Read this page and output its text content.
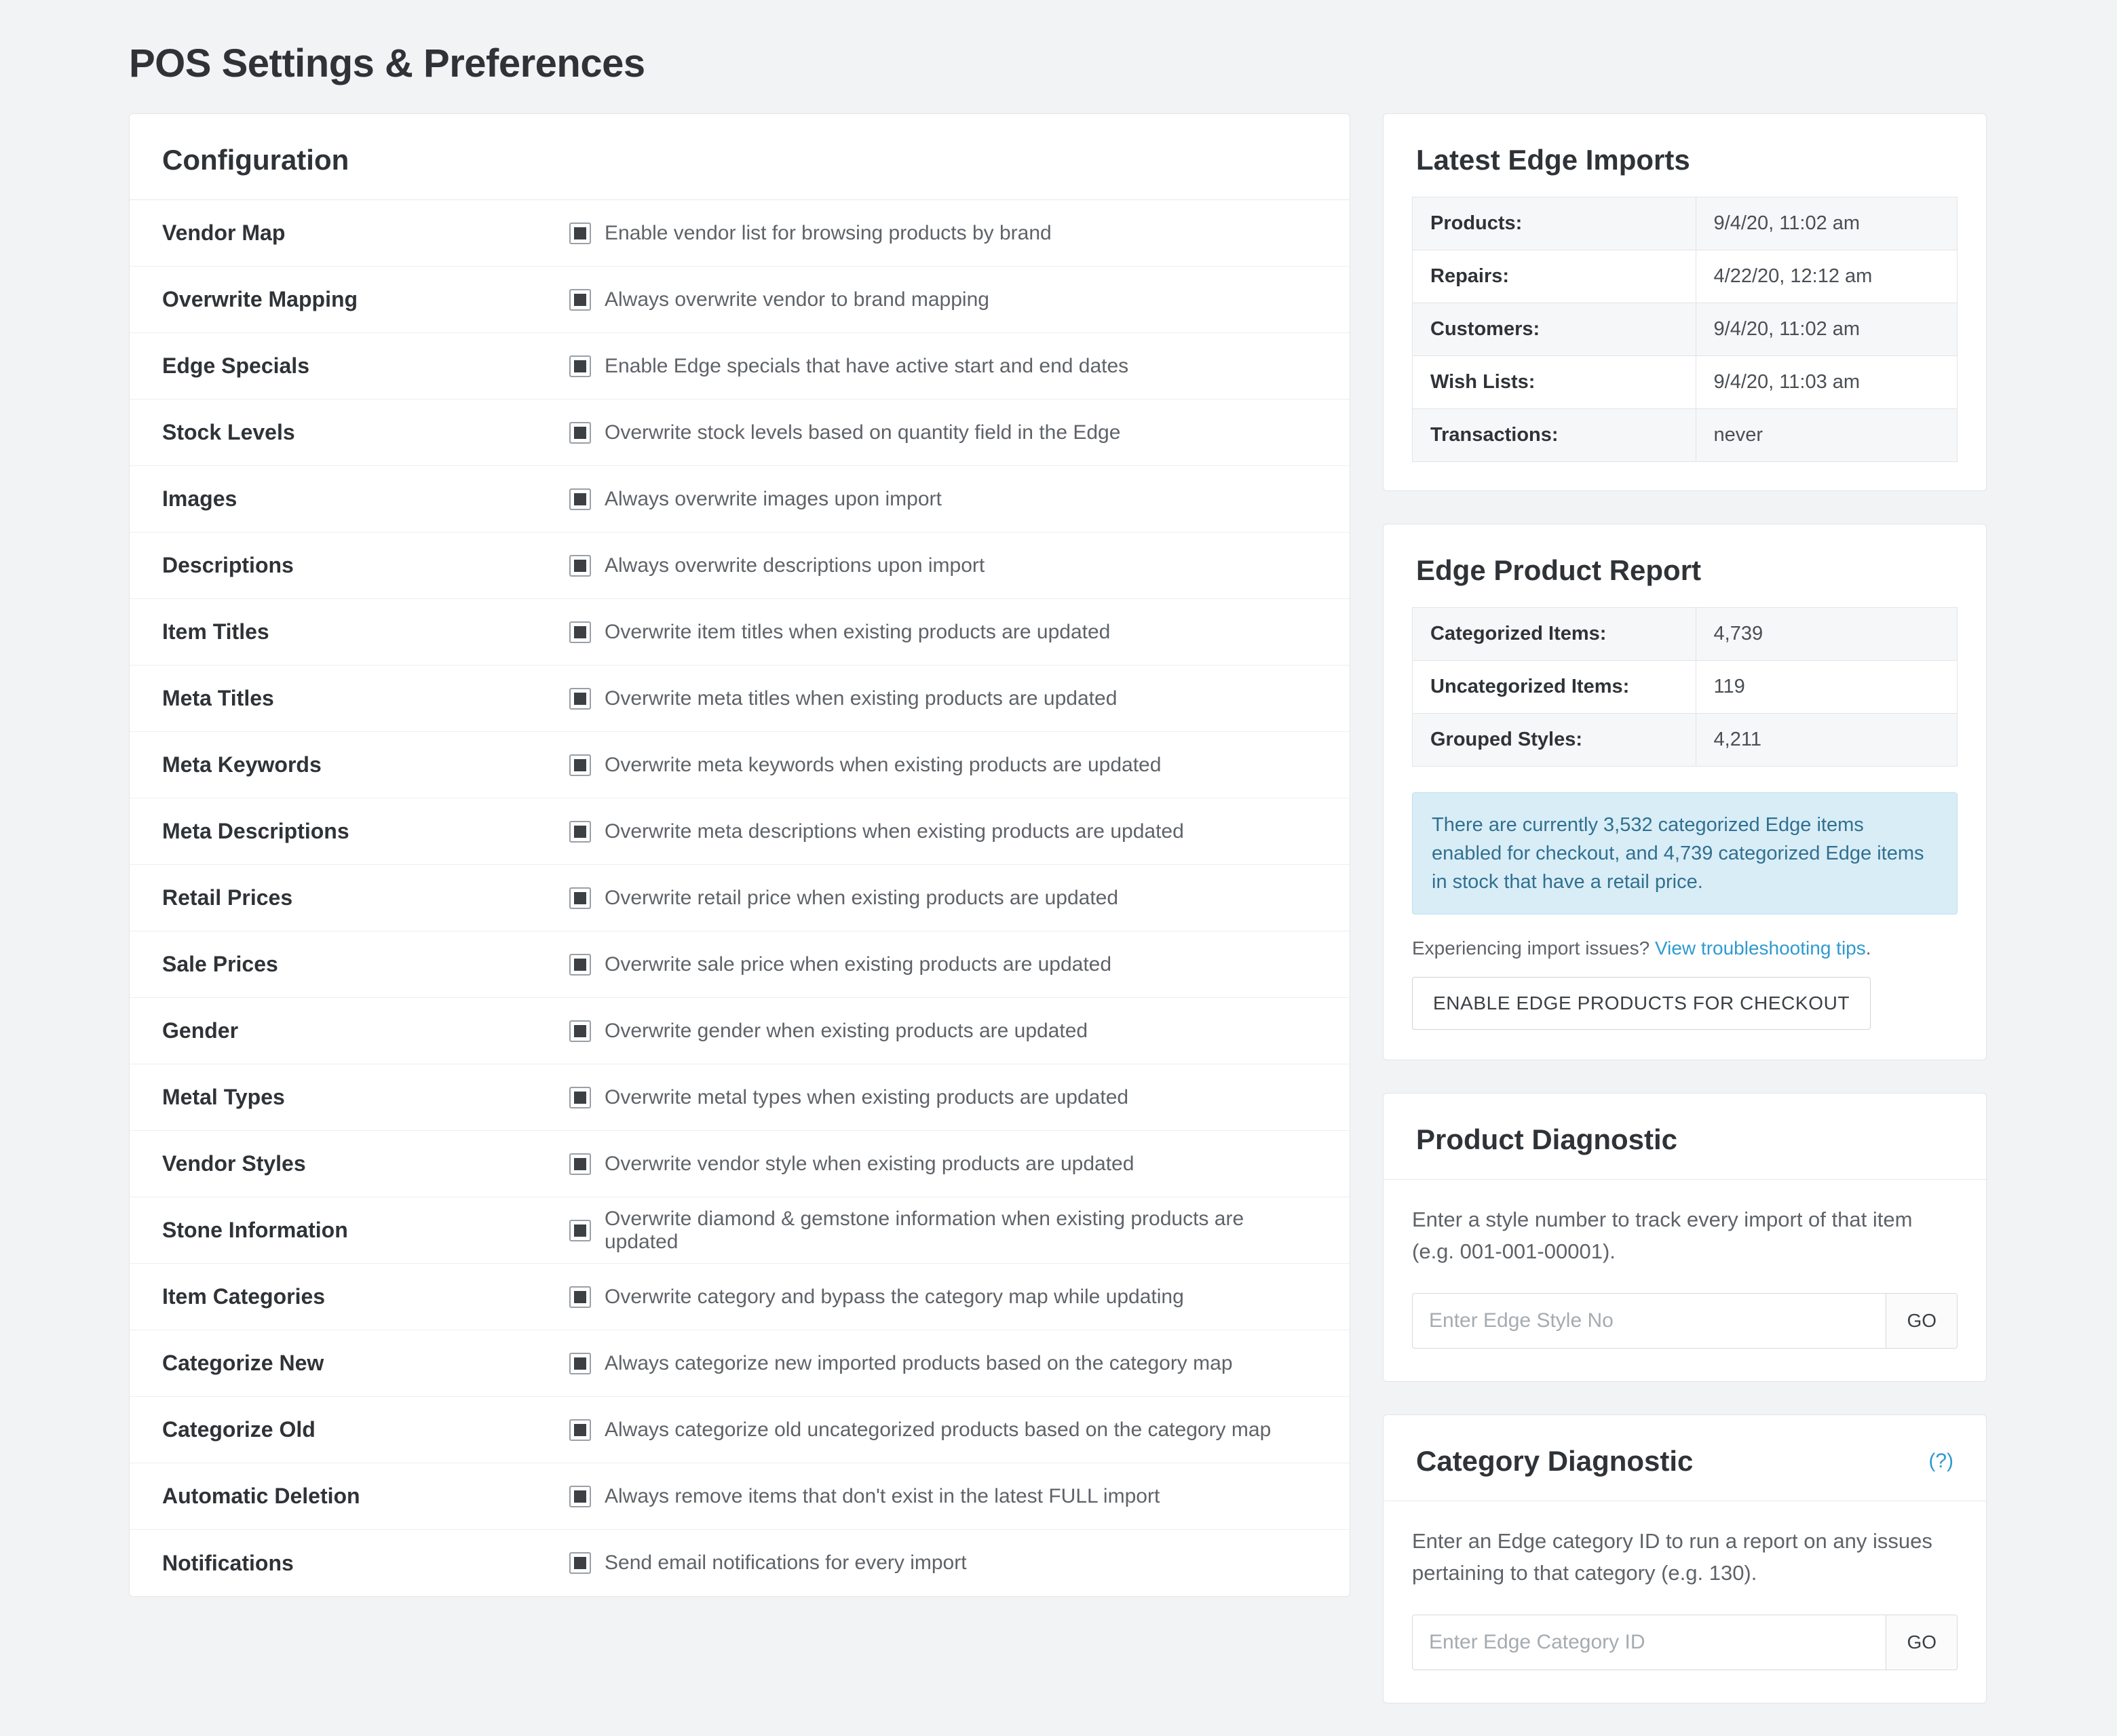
POS Settings & Preferences
Configuration
Vendor Map	Enable vendor list for browsing products by brand
Overwrite Mapping	Always overwrite vendor to brand mapping
Edge Specials	Enable Edge specials that have active start and end dates
Stock Levels	Overwrite stock levels based on quantity field in the Edge
Images	Always overwrite images upon import
Descriptions	Always overwrite descriptions upon import
Item Titles	Overwrite item titles when existing products are updated
Meta Titles	Overwrite meta titles when existing products are updated
Meta Keywords	Overwrite meta keywords when existing products are updated
Meta Descriptions	Overwrite meta descriptions when existing products are updated
Retail Prices	Overwrite retail price when existing products are updated
Sale Prices	Overwrite sale price when existing products are updated
Gender	Overwrite gender when existing products are updated
Metal Types	Overwrite metal types when existing products are updated
Vendor Styles	Overwrite vendor style when existing products are updated
Stone Information	Overwrite diamond & gemstone information when existing products are updated
Item Categories	Overwrite category and bypass the category map while updating
Categorize New	Always categorize new imported products based on the category map
Categorize Old	Always categorize old uncategorized products based on the category map
Automatic Deletion	Always remove items that don't exist in the latest FULL import
Notifications	Send email notifications for every import
Latest Edge Imports
Products:	9/4/20, 11:02 am
Repairs:	4/22/20, 12:12 am
Customers:	9/4/20, 11:02 am
Wish Lists:	9/4/20, 11:03 am
Transactions:	never
Edge Product Report
Categorized Items:	4,739
Uncategorized Items:	119
Grouped Styles:	4,211
There are currently 3,532 categorized Edge items enabled for checkout, and 4,739 categorized Edge items in stock that have a retail price.
Experiencing import issues? View troubleshooting tips.
ENABLE EDGE PRODUCTS FOR CHECKOUT
Product Diagnostic
Enter a style number to track every import of that item (e.g. 001-001-00001).
Enter Edge Style No
GO
Category Diagnostic	(?)
Enter an Edge category ID to run a report on any issues pertaining to that category (e.g. 130).
Enter Edge Category ID
GO
